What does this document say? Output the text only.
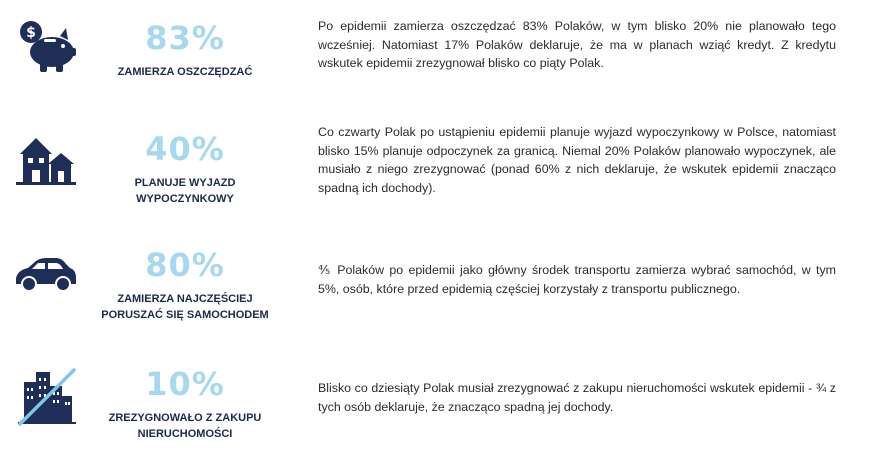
$	83%
ZAMIERZA OSZCZĘDZAĆ
Po epidemii zamierza oszczędzać 83% Polaków, w tym blisko 20% nie planowało tego wcześniej. Natomiast 17% Polaków deklaruje, że ma w planach wziąć kredyt. Z kredytu wskutek epidemii zrezygnował blisko co piąty Polak.
40%
PLANUJE WYJAZD WYPOCZYNKOWY
Co czwarty Polak po ustąpieniu epidemii planuje wyjazd wypoczynkowy w Polsce, natomiast blisko 15% planuje odpoczynek za granicą. Niemal 20% Polaków planowało wypoczynek, ale musiało z niego zrezygnować (ponad 60% z nich deklaruje, że wskutek epidemii znacząco spadną ich dochody).
80%
ZAMIERZA NAJCZĘŚCIEJ PORUSZAĆ SIĘ SAMOCHODEM
⅘ Polaków po epidemii jako główny środek transportu zamierza wybrać samochód, w tym 5%, osób, które przed epidemią częściej korzystały z transportu publicznego.
10%
ZREZYGNOWAŁO Z ZAKUPU NIERUCHOMOŚCI
Blisko co dziesiąty Polak musiał zrezygnować z zakupu nieruchomości wskutek epidemii - ¾ z tych osób deklaruje, że znacząco spadną jej dochody.
